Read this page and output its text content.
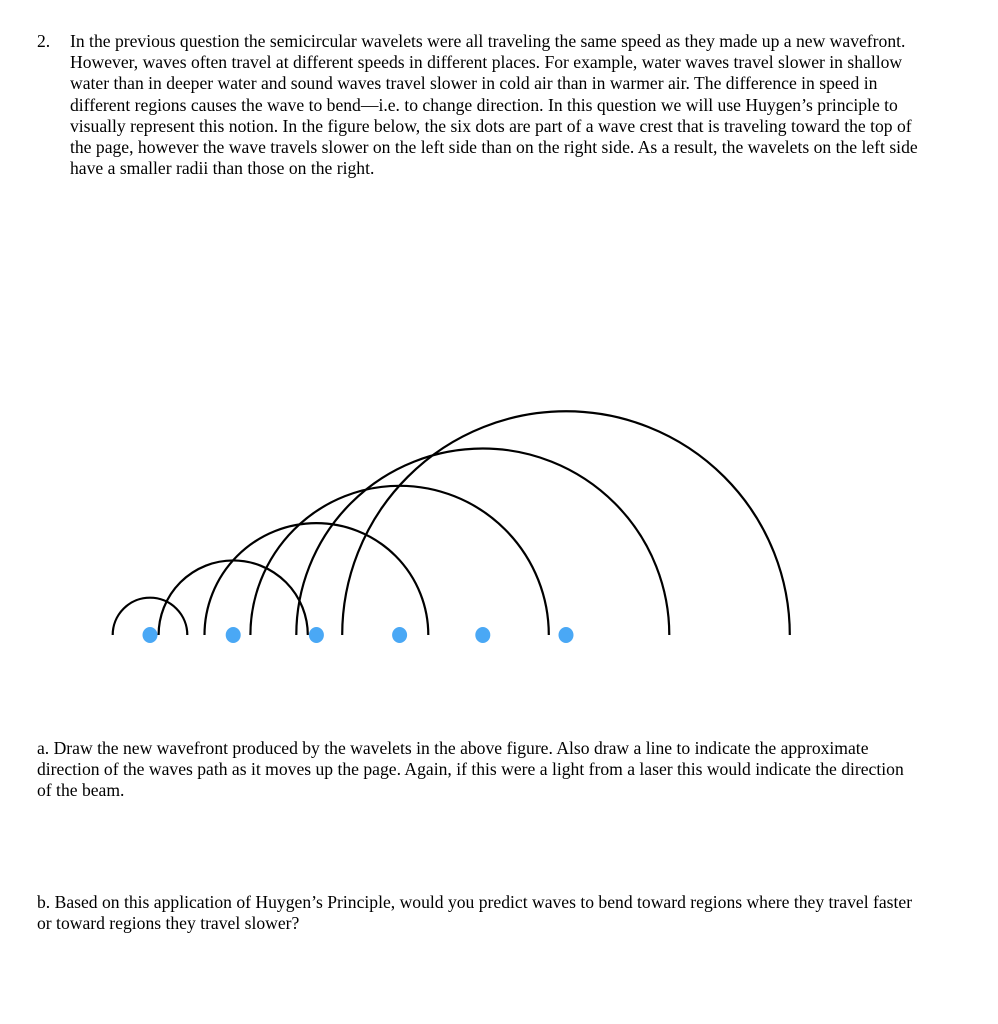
2. In the previous question the semicircular wavelets were all traveling the same speed as they made up a new wavefront. However, waves often travel at different speeds in different places. For example, water waves travel slower in shallow water than in deeper water and sound waves travel slower in cold air than in warmer air. The difference in speed in different regions causes the wave to bend—i.e. to change direction. In this question we will use Huygen’s principle to visually represent this notion. In the figure below, the six dots are part of a wave crest that is traveling toward the top of the page, however the wave travels slower on the left side than on the right side. As a result, the wavelets on the left side have a smaller radii than those on the right.
a. Draw the new wavefront produced by the wavelets in the above figure. Also draw a line to indicate the approximate direction of the waves path as it moves up the page. Again, if this were a light from a laser this would indicate the direction of the beam.
b. Based on this application of Huygen’s Principle, would you predict waves to bend toward regions where they travel faster or toward regions they travel slower?
